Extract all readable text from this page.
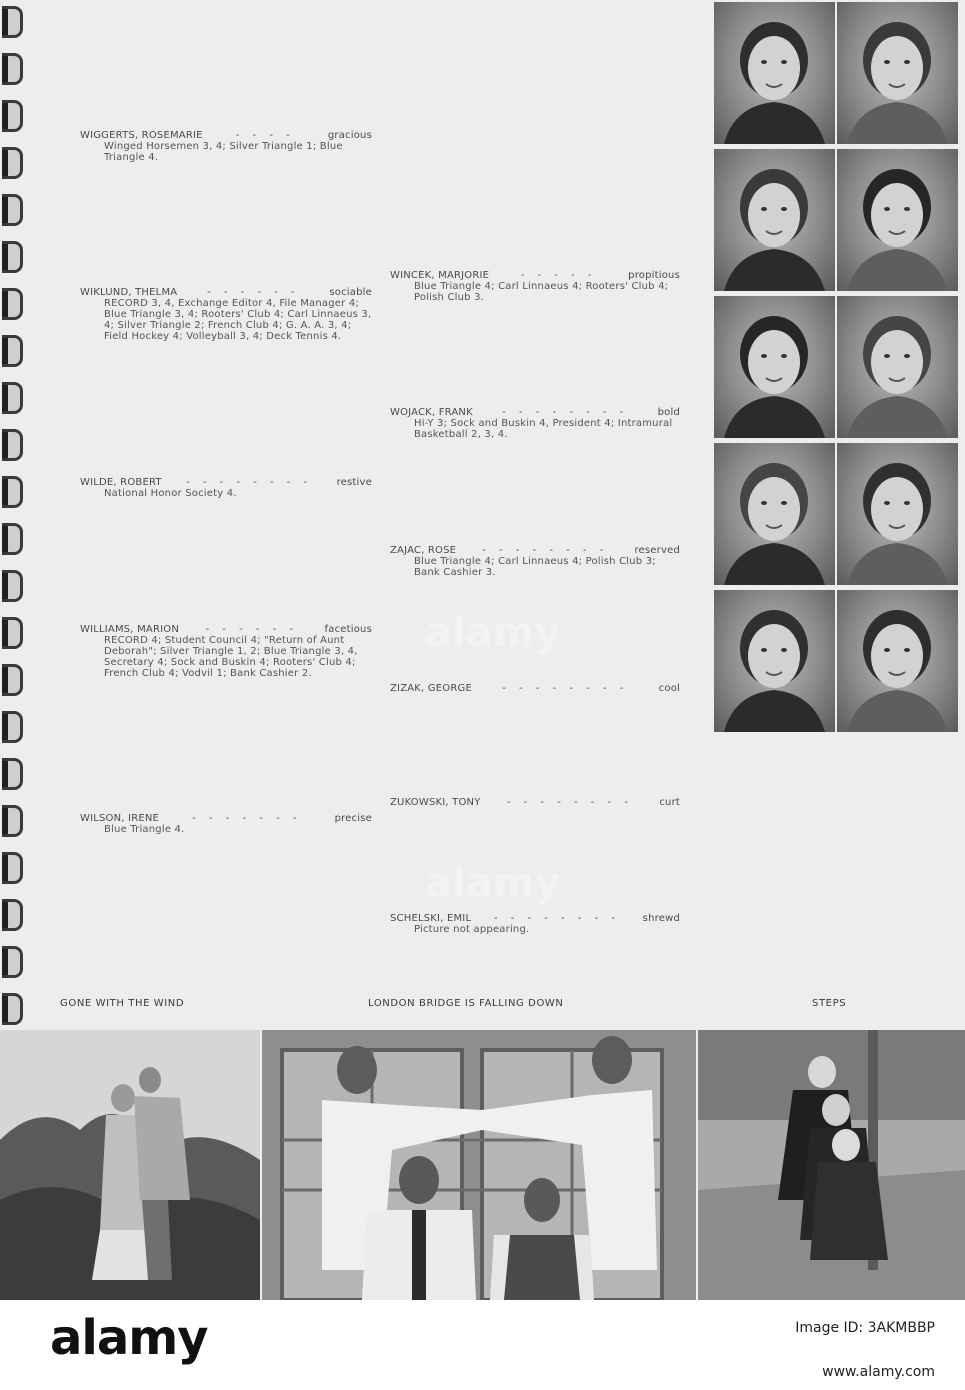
WIGGERTS, ROSEMARIE	- - - -	gracious
Winged Horsemen 3, 4; Silver Triangle 1; Blue Triangle 4.
WIKLUND, THELMA	- - - - - -	sociable
RECORD 3, 4, Exchange Editor 4, File Manager 4; Blue Triangle 3, 4; Rooters' Club 4; Carl Linnaeus 3, 4; Silver Triangle 2; French Club 4; G. A. A. 3, 4; Field Hockey 4; Volleyball 3, 4; Deck Tennis 4.
WILDE, ROBERT	- - - - - - - -	restive
National Honor Society 4.
WILLIAMS, MARION	- - - - - -	facetious
RECORD 4; Student Council 4; "Return of Aunt Deborah"; Silver Triangle 1, 2; Blue Triangle 3, 4, Secretary 4; Sock and Buskin 4; Rooters' Club 4; French Club 4; Vodvil 1; Bank Cashier 2.
WILSON, IRENE	- - - - - - -	precise
Blue Triangle 4.
WINCEK, MARJORIE	- - - - -	propitious
Blue Triangle 4; Carl Linnaeus 4; Rooters' Club 4; Polish Club 3.
WOJACK, FRANK	- - - - - - - -	bold
Hi-Y 3; Sock and Buskin 4, President 4; Intramural Basketball 2, 3, 4.
ZAJAC, ROSE	- - - - - - - -	reserved
Blue Triangle 4; Carl Linnaeus 4; Polish Club 3; Bank Cashier 3.
ZIZAK, GEORGE	- - - - - - - -	cool
ZUKOWSKI, TONY	- - - - - - - -	curt
SCHELSKI, EMIL	- - - - - - - -	shrewd
Picture not appearing.
GONE WITH THE WIND	LONDON BRIDGE IS FALLING DOWN	STEPS
alamy
alamy
alamy	Image ID: 3AKMBBP
www.alamy.com
